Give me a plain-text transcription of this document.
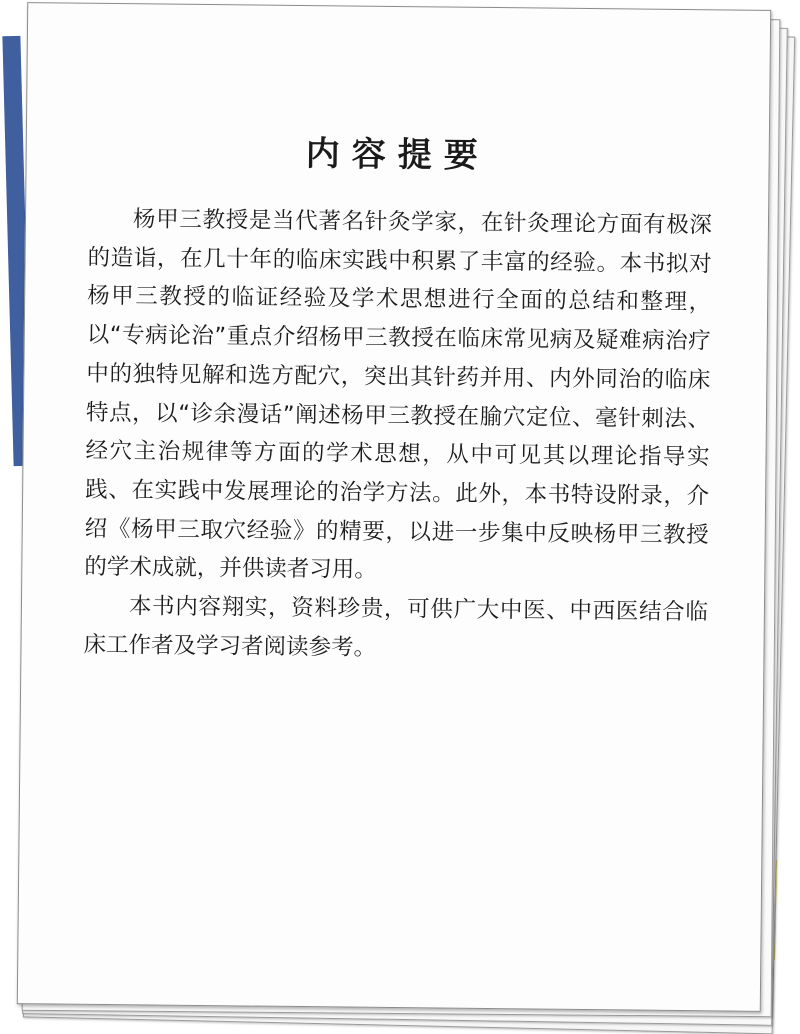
内容提要

杨甲三教授是当代著名针灸学家，在针灸理论方面有极深的造诣，在几十年的临床实践中积累了丰富的经验。本书拟对杨甲三教授的临证经验及学术思想进行全面的总结和整理，以“专病论治”重点介绍杨甲三教授在临床常见病及疑难病治疗中的独特见解和选方配穴，突出其针药并用、内外同治的临床特点，以“诊余漫话”阐述杨甲三教授在腧穴定位、毫针刺法、经穴主治规律等方面的学术思想，从中可见其以理论指导实践、在实践中发展理论的治学方法。此外，本书特设附录，介绍《杨甲三取穴经验》的精要，以进一步集中反映杨甲三教授的学术成就，并供读者习用。

本书内容翔实，资料珍贵，可供广大中医、中西医结合临床工作者及学习者阅读参考。
